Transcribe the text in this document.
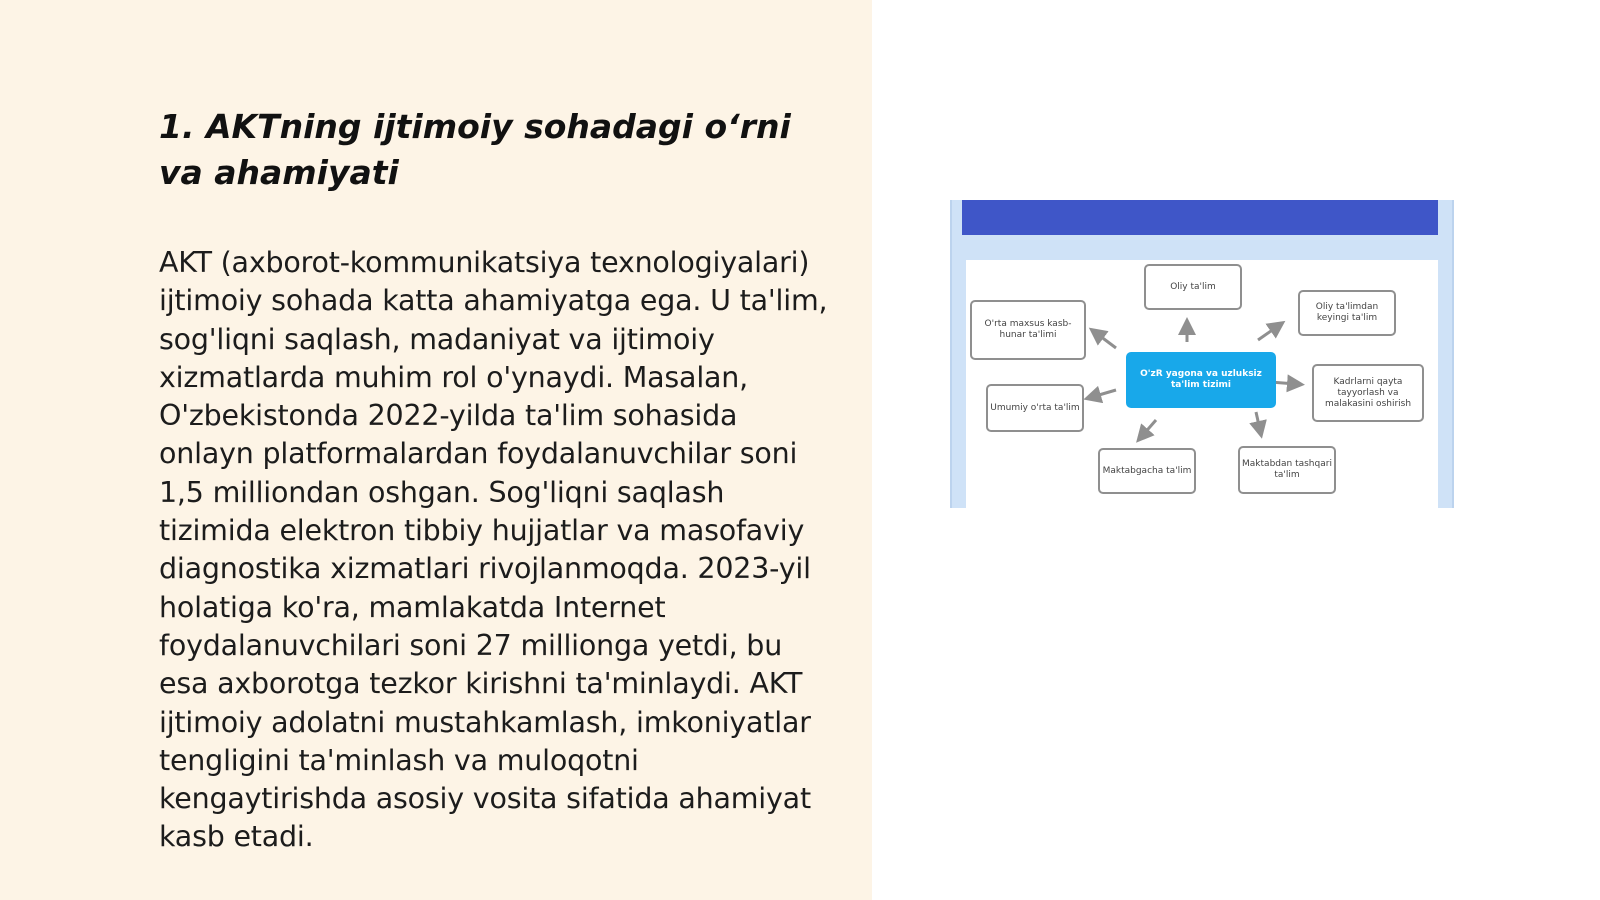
1. AKTning ijtimoiy sohadagi o‘rni va ahamiyati

AKT (axborot-kommunikatsiya texnologiyalari) ijtimoiy sohada katta ahamiyatga ega. U ta'lim, sog'liqni saqlash, madaniyat va ijtimoiy xizmatlarda muhim rol o'ynaydi. Masalan, O'zbekistonda 2022-yilda ta'lim sohasida onlayn platformalardan foydalanuvchilar soni 1,5 milliondan oshgan. Sog'liqni saqlash tizimida elektron tibbiy hujjatlar va masofaviy diagnostika xizmatlari rivojlanmoqda. 2023-yil holatiga ko'ra, mamlakatda Internet foydalanuvchilari soni 27 millionga yetdi, bu esa axborotga tezkor kirishni ta'minlaydi. AKT ijtimoiy adolatni mustahkamlash, imkoniyatlar tengligini ta'minlash va muloqotni kengaytirishda asosiy vosita sifatida ahamiyat kasb etadi.

Oliy ta'lim
O'rta maxsus kasb-hunar ta'limi
Oliy ta'limdan keyingi ta'lim
O'zR yagona va uzluksiz ta'lim tizimi
Umumiy o'rta ta'lim
Kadrlarni qayta tayyorlash va malakasini oshirish
Maktabgacha ta'lim
Maktabdan tashqari ta'lim
